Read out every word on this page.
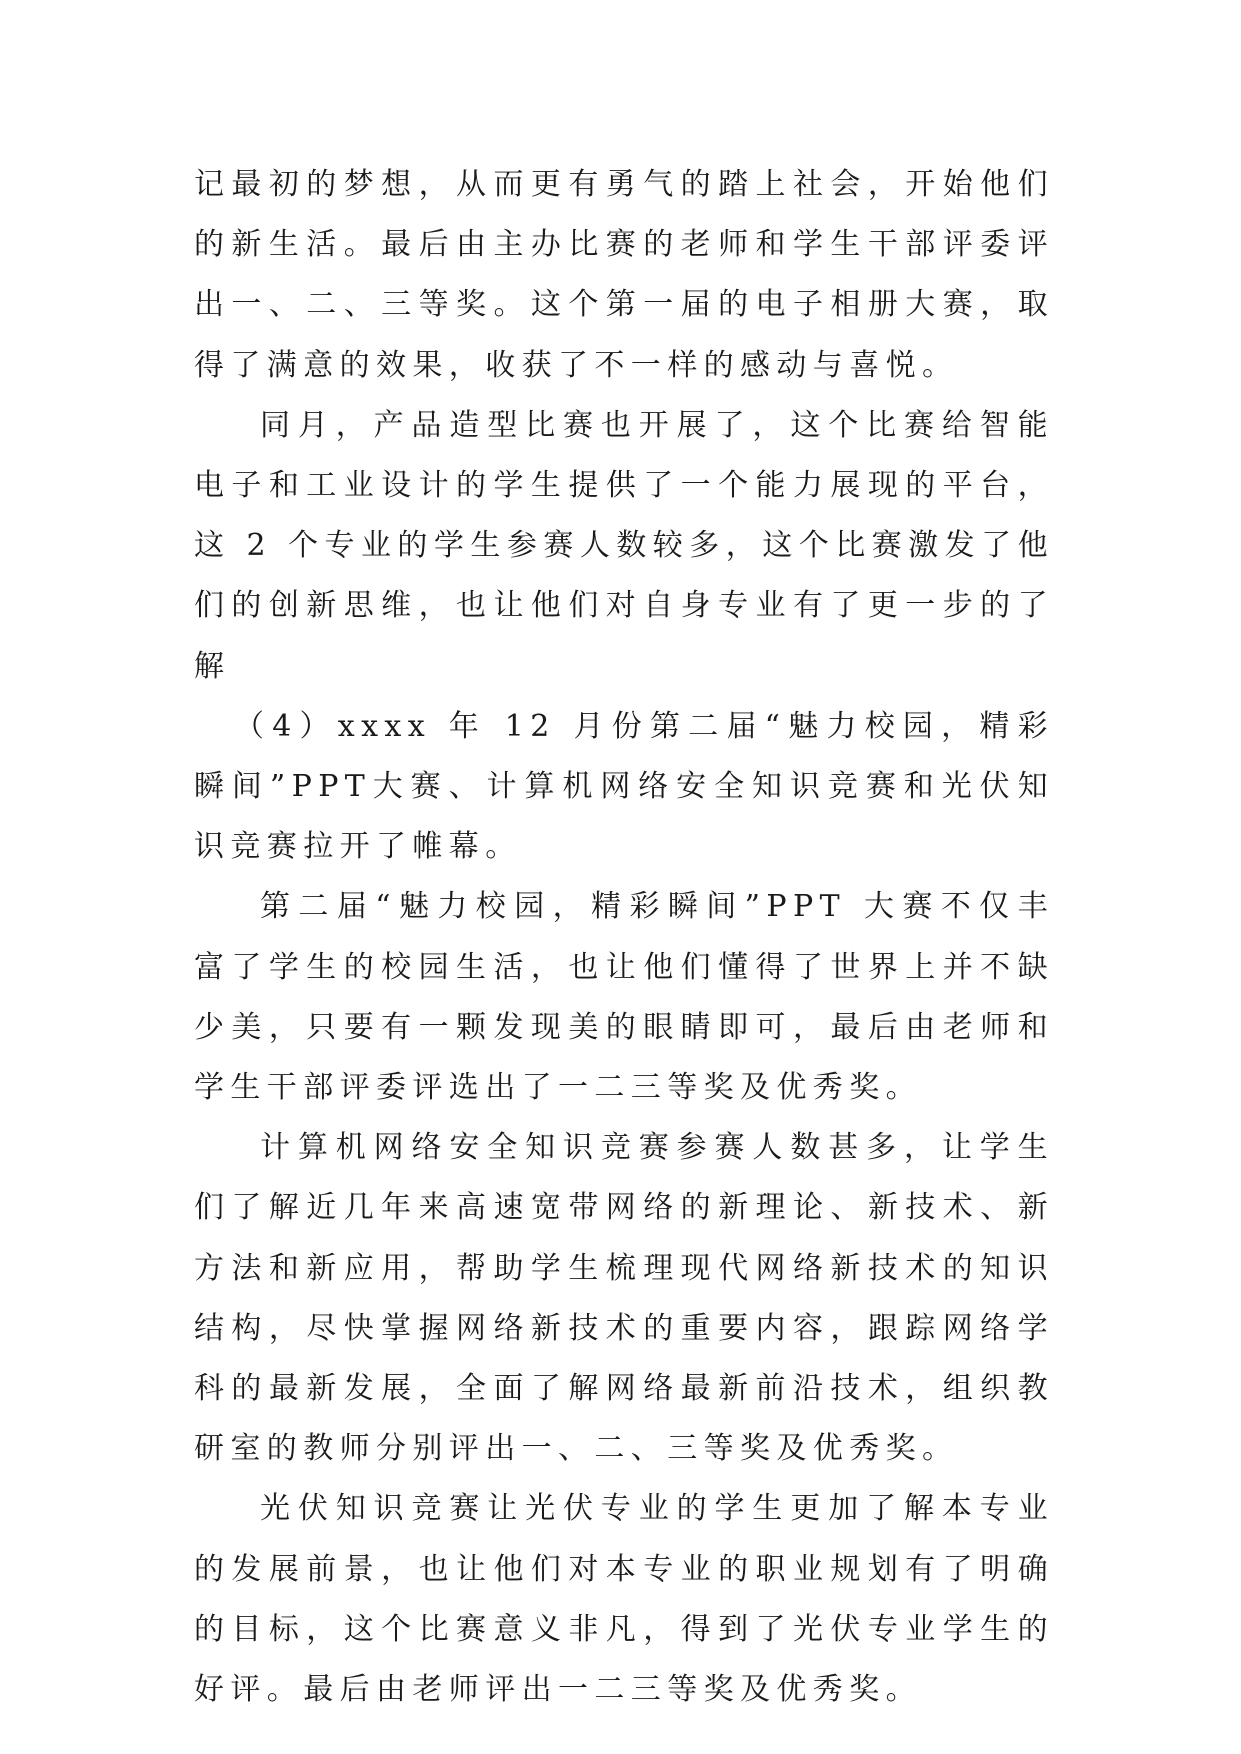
记最初的梦想，从而更有勇气的踏上社会，开始他们的新生活。最后由主办比赛的老师和学生干部评委评出一、二、三等奖。这个第一届的电子相册大赛，取得了满意的效果，收获了不一样的感动与喜悦。

同月，产品造型比赛也开展了，这个比赛给智能电子和工业设计的学生提供了一个能力展现的平台，这 2 个专业的学生参赛人数较多，这个比赛激发了他们的创新思维，也让他们对自身专业有了更一步的了解

（4）xxxx 年 12 月份第二届“魅力校园，精彩瞬间”PPT大赛、计算机网络安全知识竞赛和光伏知识竞赛拉开了帷幕。

第二届“魅力校园，精彩瞬间”PPT 大赛不仅丰富了学生的校园生活，也让他们懂得了世界上并不缺少美，只要有一颗发现美的眼睛即可，最后由老师和学生干部评委评选出了一二三等奖及优秀奖。

计算机网络安全知识竞赛参赛人数甚多，让学生们了解近几年来高速宽带网络的新理论、新技术、新方法和新应用，帮助学生梳理现代网络新技术的知识结构，尽快掌握网络新技术的重要内容，跟踪网络学科的最新发展，全面了解网络最新前沿技术，组织教研室的教师分别评出一、二、三等奖及优秀奖。

光伏知识竞赛让光伏专业的学生更加了解本专业的发展前景，也让他们对本专业的职业规划有了明确的目标，这个比赛意义非凡，得到了光伏专业学生的好评。最后由老师评出一二三等奖及优秀奖。
